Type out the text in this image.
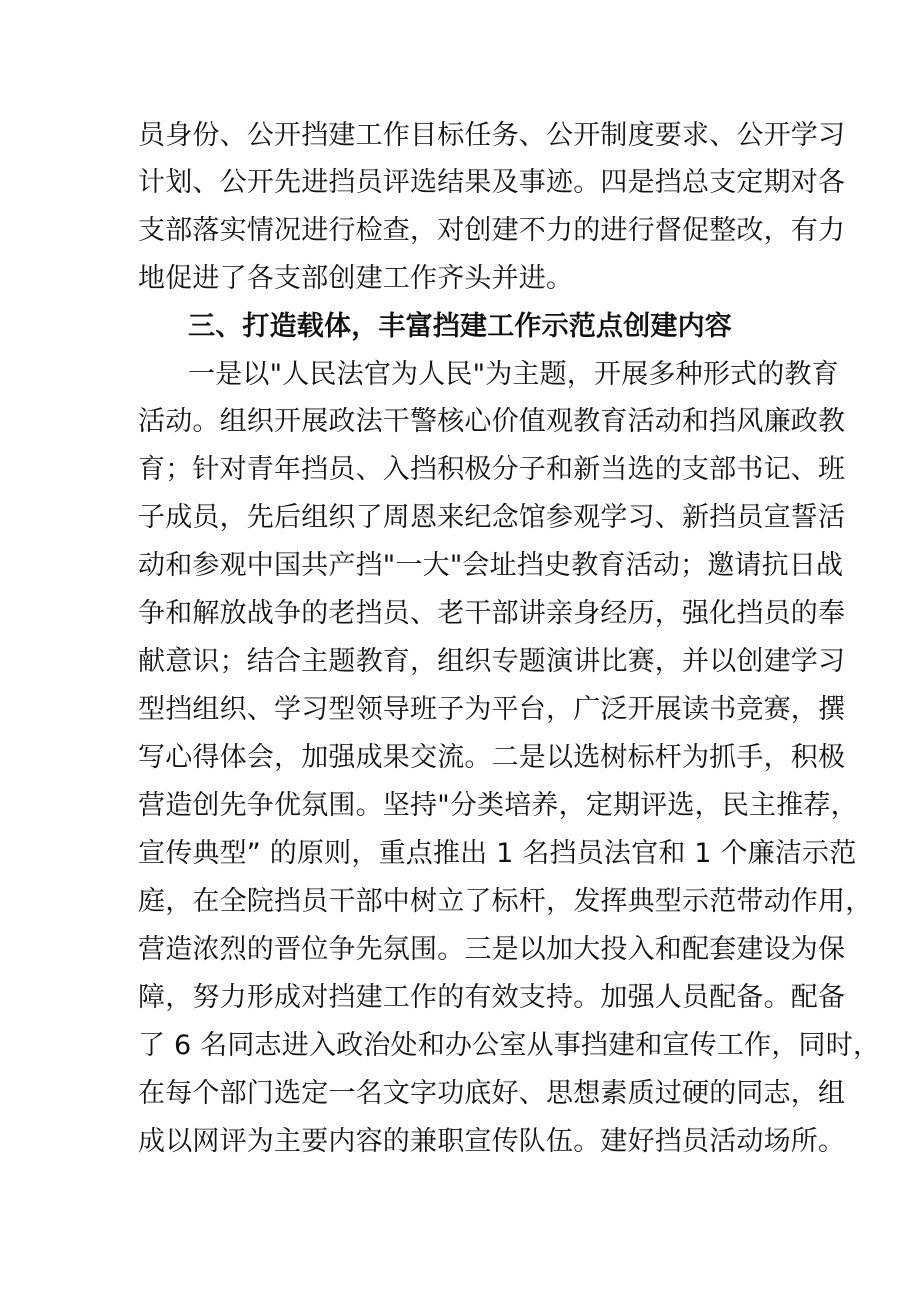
员身份、公开挡建工作目标任务、公开制度要求、公开学习
计划、公开先进挡员评选结果及事迹。四是挡总支定期对各
支部落实情况进行检查，对创建不力的进行督促整改，有力
地促进了各支部创建工作齐头并进。
三、打造载体，丰富挡建工作示范点创建内容
一是以"人民法官为人民"为主题，开展多种形式的教育
活动。组织开展政法干警核心价值观教育活动和挡风廉政教
育；针对青年挡员、入挡积极分子和新当选的支部书记、班
子成员，先后组织了周恩来纪念馆参观学习、新挡员宣誓活
动和参观中国共产挡"一大"会址挡史教育活动；邀请抗日战
争和解放战争的老挡员、老干部讲亲身经历，强化挡员的奉
献意识；结合主题教育，组织专题演讲比赛，并以创建学习
型挡组织、学习型领导班子为平台，广泛开展读书竞赛，撰
写心得体会，加强成果交流。二是以选树标杆为抓手，积极
营造创先争优氛围。坚持"分类培养，定期评选，民主推荐，
宣传典型” 的原则，重点推出 1 名挡员法官和 1 个廉洁示范
庭，在全院挡员干部中树立了标杆，发挥典型示范带动作用，
营造浓烈的晋位争先氛围。三是以加大投入和配套建设为保
障，努力形成对挡建工作的有效支持。加强人员配备。配备
了 6 名同志进入政治处和办公室从事挡建和宣传工作，同时，
在每个部门选定一名文字功底好、思想素质过硬的同志，组
成以网评为主要内容的兼职宣传队伍。建好挡员活动场所。
